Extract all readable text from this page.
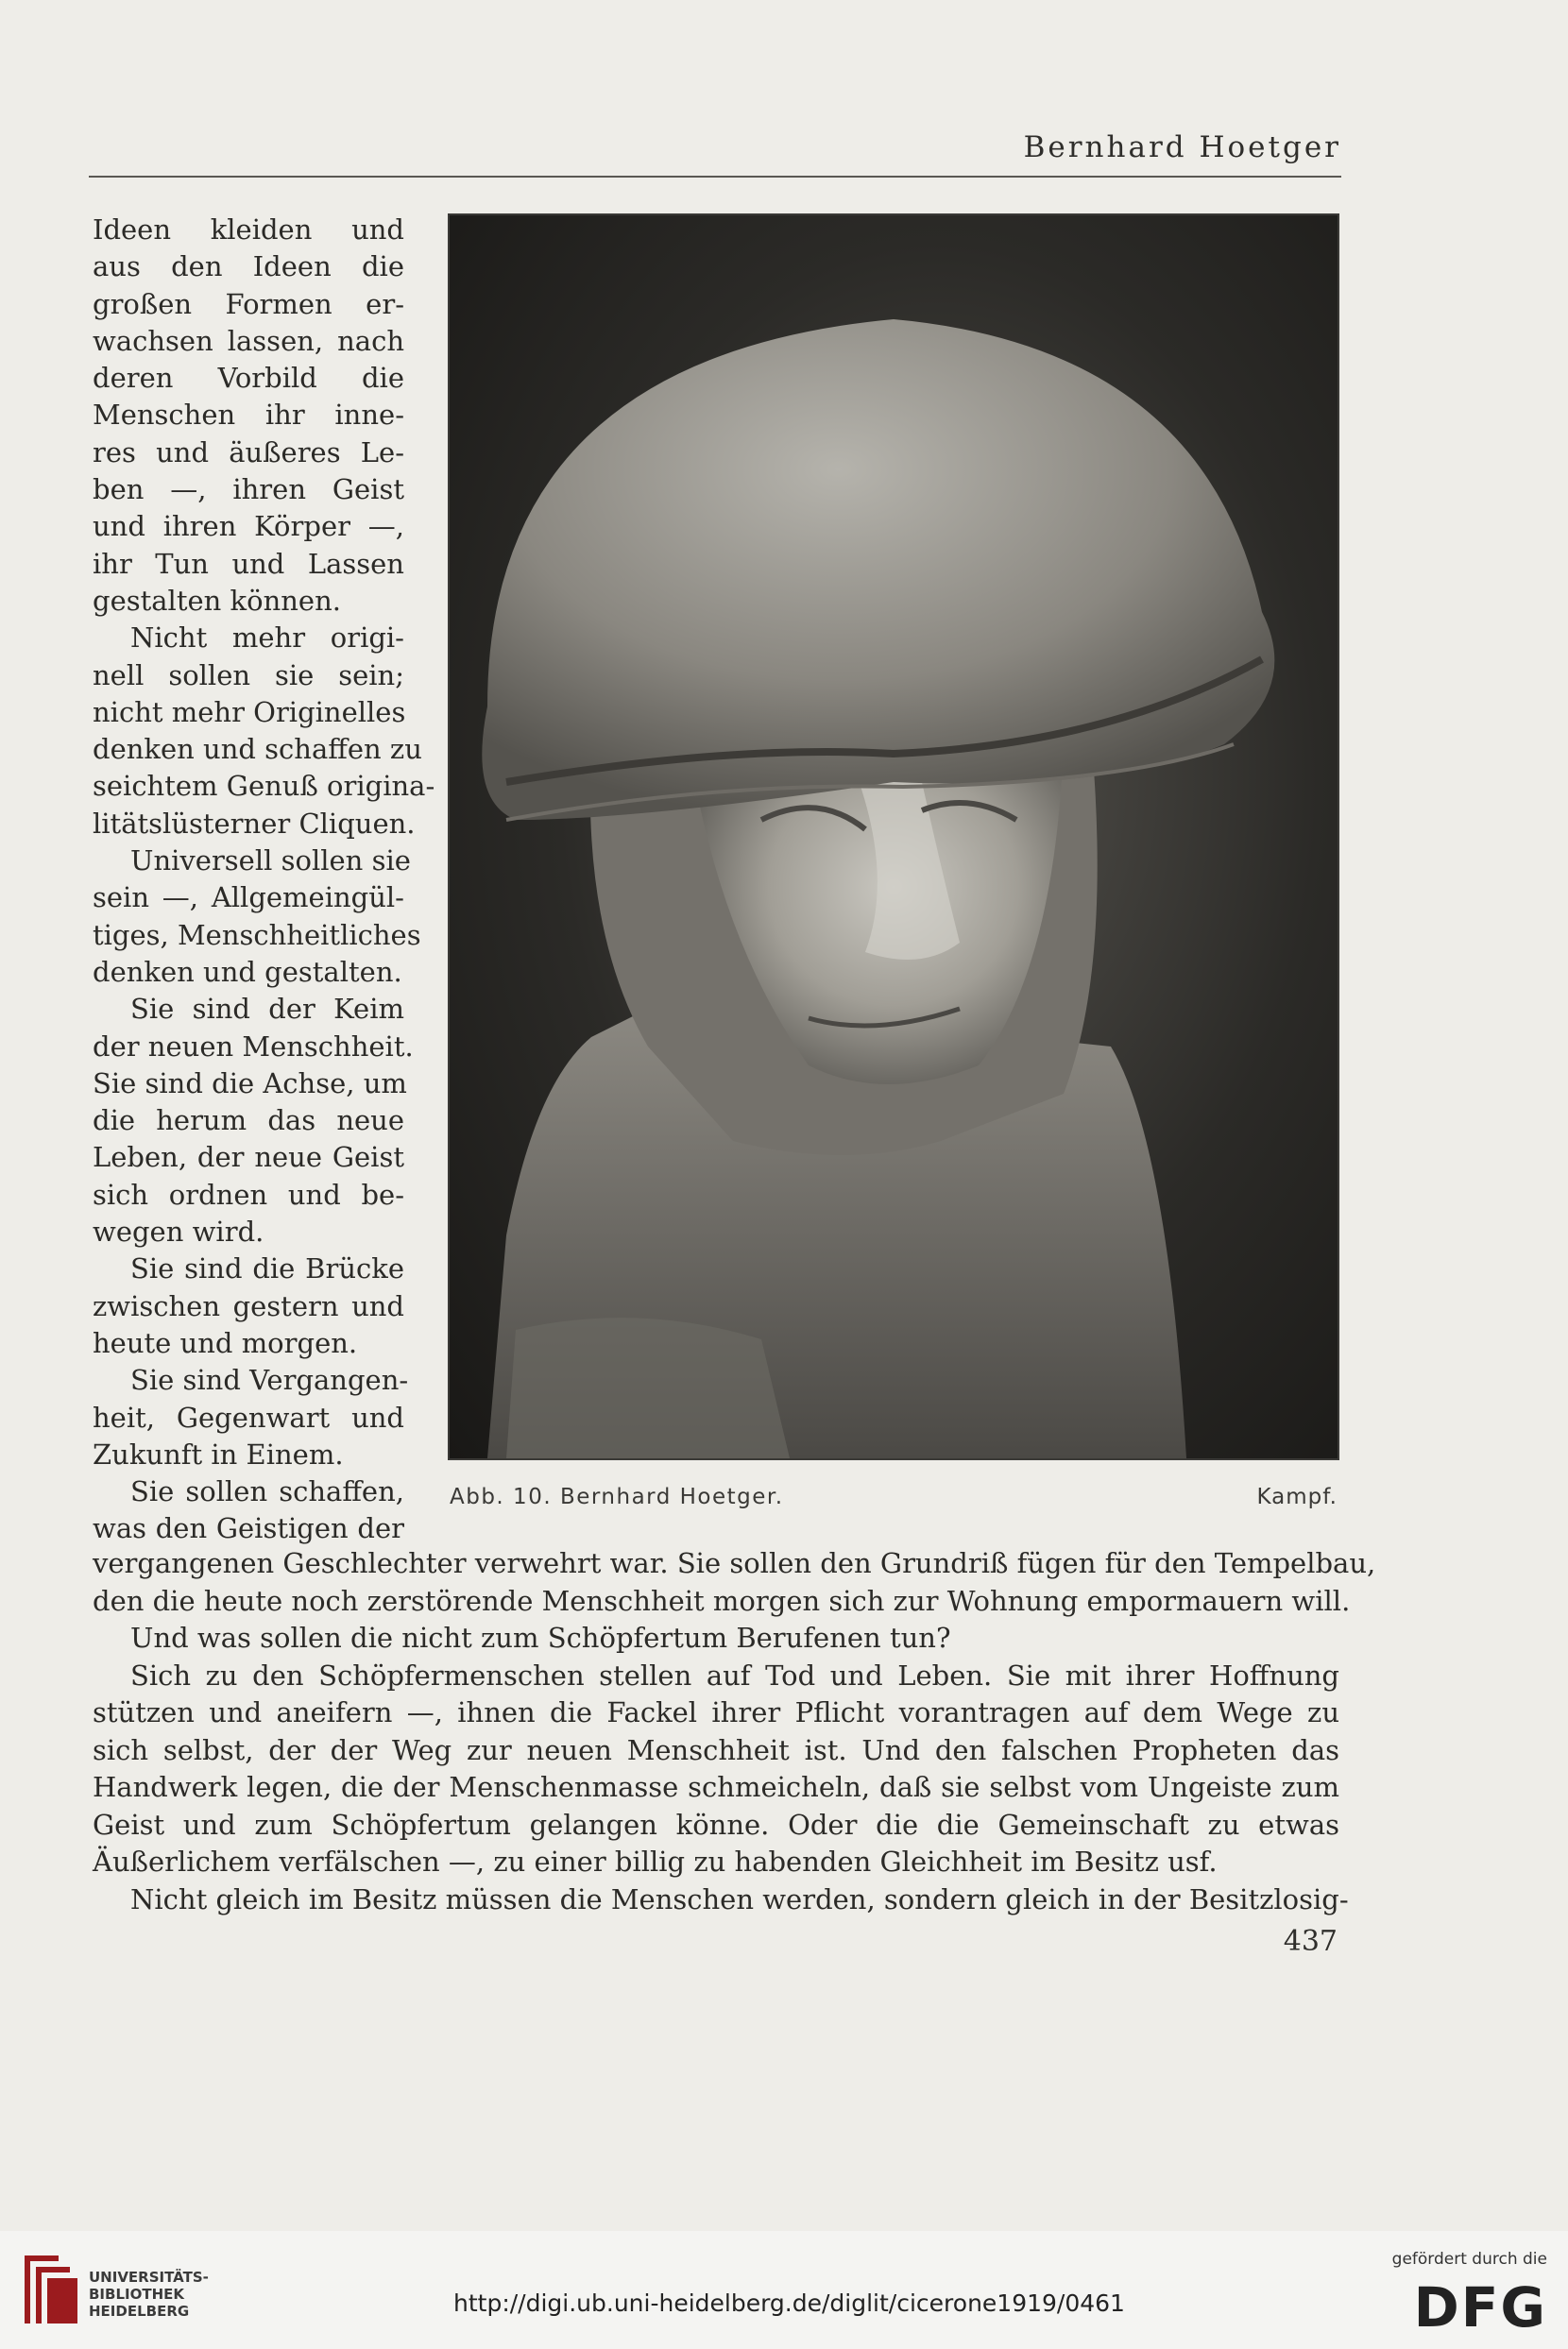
Bernhard Hoetger
Ideen kleiden und
aus den Ideen die
großen Formen er-
wachsen lassen, nach
deren Vorbild die
Menschen ihr inne-
res und äußeres Le-
ben —, ihren Geist
und ihren Körper —,
ihr Tun und Lassen
gestalten können.
Nicht mehr origi-
nell sollen sie sein;
nicht mehr Originelles
denken und schaffen zu
seichtem Genuß origina-
litätslüsterner Cliquen.
Universell sollen sie
sein —, Allgemeingül-
tiges, Menschheitliches
denken und gestalten.
Sie sind der Keim
der neuen Menschheit.
Sie sind die Achse, um
die herum das neue
Leben, der neue Geist
sich ordnen und be-
wegen wird.
Sie sind die Brücke
zwischen gestern und
heute und morgen.
Sie sind Vergangen-
heit, Gegenwart und
Zukunft in Einem.
Sie sollen schaffen,
was den Geistigen der
Abb. 10. Bernhard Hoetger.	Kampf.
vergangenen Geschlechter verwehrt war. Sie sollen den Grundriß fügen für den Tempelbau,
den die heute noch zerstörende Menschheit morgen sich zur Wohnung empormauern will.
Und was sollen die nicht zum Schöpfertum Berufenen tun?
Sich zu den Schöpfermenschen stellen auf Tod und Leben. Sie mit ihrer Hoffnung
stützen und aneifern —, ihnen die Fackel ihrer Pflicht vorantragen auf dem Wege zu
sich selbst, der der Weg zur neuen Menschheit ist. Und den falschen Propheten das
Handwerk legen, die der Menschenmasse schmeicheln, daß sie selbst vom Ungeiste zum
Geist und zum Schöpfertum gelangen könne. Oder die die Gemeinschaft zu etwas
Äußerlichem verfälschen —, zu einer billig zu habenden Gleichheit im Besitz usf.
Nicht gleich im Besitz müssen die Menschen werden, sondern gleich in der Besitzlosig-
437
UNIVERSITÄTS-
BIBLIOTHEK
HEIDELBERG	http://digi.ub.uni-heidelberg.de/diglit/cicerone1919/0461
gefördert durch die
DFG
